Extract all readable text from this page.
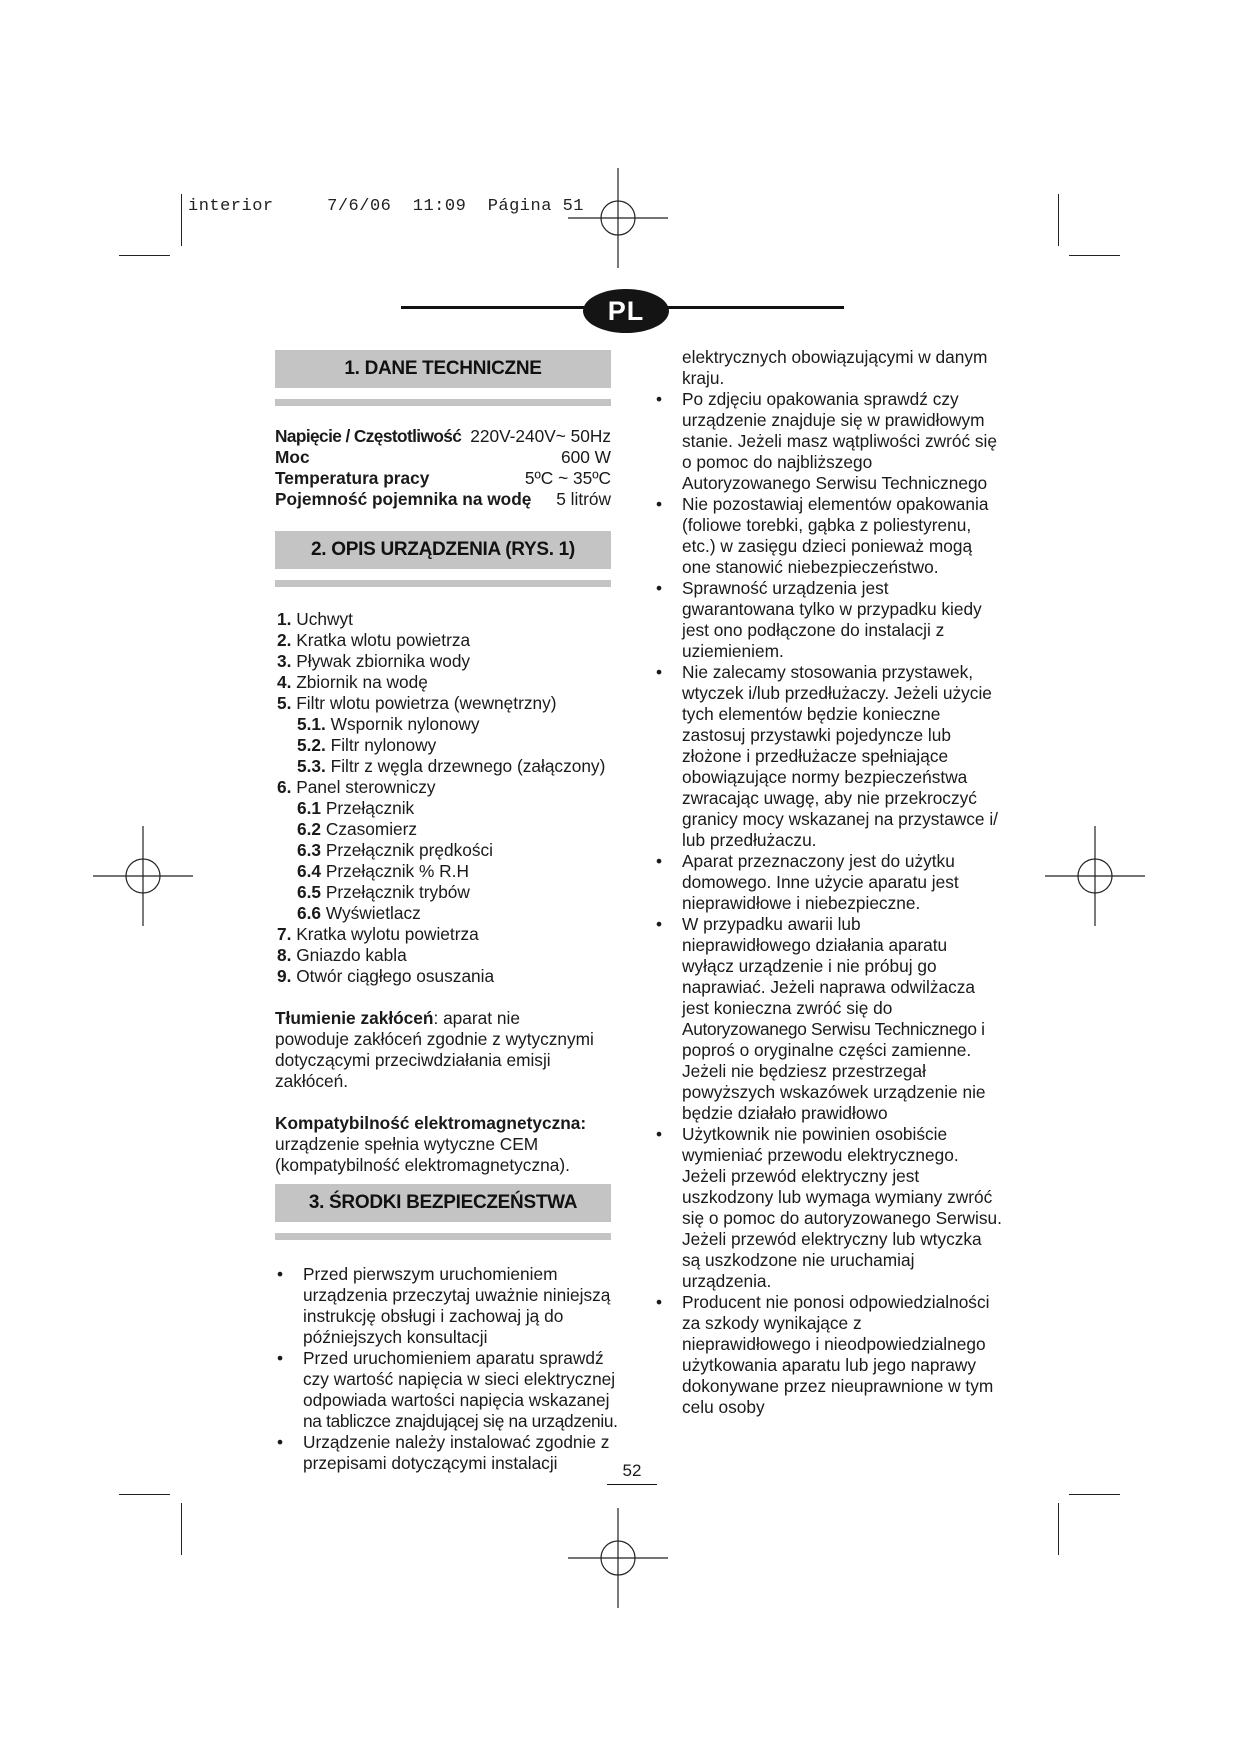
interior	7/6/06 11:09 Página 51
PL
1. DANE TECHNICZNE
Napięcie / Częstotliwość 220V-240V~ 50Hz
Moc	600 W
Temperatura pracy	5ºC ~ 35ºC
Pojemność pojemnika na wodę 5 litrów
2. OPIS URZĄDZENIA (RYS. 1)
1. Uchwyt
2. Kratka wlotu powietrza
3. Pływak zbiornika wody
4. Zbiornik na wodę
5. Filtr wlotu powietrza (wewnętrzny)
5.1. Wspornik nylonowy
5.2. Filtr nylonowy
5.3. Filtr z węgla drzewnego (załączony)
6. Panel sterowniczy
6.1 Przełącznik
6.2 Czasomierz
6.3 Przełącznik prędkości
6.4 Przełącznik % R.H
6.5 Przełącznik trybów
6.6 Wyświetlacz
7. Kratka wylotu powietrza
8. Gniazdo kabla
9. Otwór ciągłego osuszania
Tłumienie zakłóceń: aparat nie
powoduje zakłóceń zgodnie z wytycznymi
dotyczącymi przeciwdziałania emisji
zakłóceń.
Kompatybilność elektromagnetyczna:
urządzenie spełnia wytyczne CEM
(kompatybilność elektromagnetyczna).
3. ŚRODKI BEZPIECZEŃSTWA
• Przed pierwszym uruchomieniem
urządzenia przeczytaj uważnie niniejszą
instrukcję obsługi i zachowaj ją do
późniejszych konsultacji
• Przed uruchomieniem aparatu sprawdź
czy wartość napięcia w sieci elektrycznej
odpowiada wartości napięcia wskazanej
na tabliczce znajdującej się na urządzeniu.
• Urządzenie należy instalować zgodnie z
przepisami dotyczącymi instalacji
elektrycznych obowiązującymi w danym
kraju.
• Po zdjęciu opakowania sprawdź czy
urządzenie znajduje się w prawidłowym
stanie. Jeżeli masz wątpliwości zwróć się
o pomoc do najbliższego
Autoryzowanego Serwisu Technicznego
• Nie pozostawiaj elementów opakowania
(foliowe torebki, gąbka z poliestyrenu,
etc.) w zasięgu dzieci ponieważ mogą
one stanowić niebezpieczeństwo.
• Sprawność urządzenia jest
gwarantowana tylko w przypadku kiedy
jest ono podłączone do instalacji z
uziemieniem.
• Nie zalecamy stosowania przystawek,
wtyczek i/lub przedłużaczy. Jeżeli użycie
tych elementów będzie konieczne
zastosuj przystawki pojedyncze lub
złożone i przedłużacze spełniające
obowiązujące normy bezpieczeństwa
zwracając uwagę, aby nie przekroczyć
granicy mocy wskazanej na przystawce i/
lub przedłużaczu.
• Aparat przeznaczony jest do użytku
domowego. Inne użycie aparatu jest
nieprawidłowe i niebezpieczne.
• W przypadku awarii lub
nieprawidłowego działania aparatu
wyłącz urządzenie i nie próbuj go
naprawiać. Jeżeli naprawa odwilżacza
jest konieczna zwróć się do
Autoryzowanego Serwisu Technicznego i
poproś o oryginalne części zamienne.
Jeżeli nie będziesz przestrzegał
powyższych wskazówek urządzenie nie
będzie działało prawidłowo
• Użytkownik nie powinien osobiście
wymieniać przewodu elektrycznego.
Jeżeli przewód elektryczny jest
uszkodzony lub wymaga wymiany zwróć
się o pomoc do autoryzowanego Serwisu.
Jeżeli przewód elektryczny lub wtyczka
są uszkodzone nie uruchamiaj
urządzenia.
• Producent nie ponosi odpowiedzialności
za szkody wynikające z
nieprawidłowego i nieodpowiedzialnego
użytkowania aparatu lub jego naprawy
dokonywane przez nieuprawnione w tym
celu osoby
52
